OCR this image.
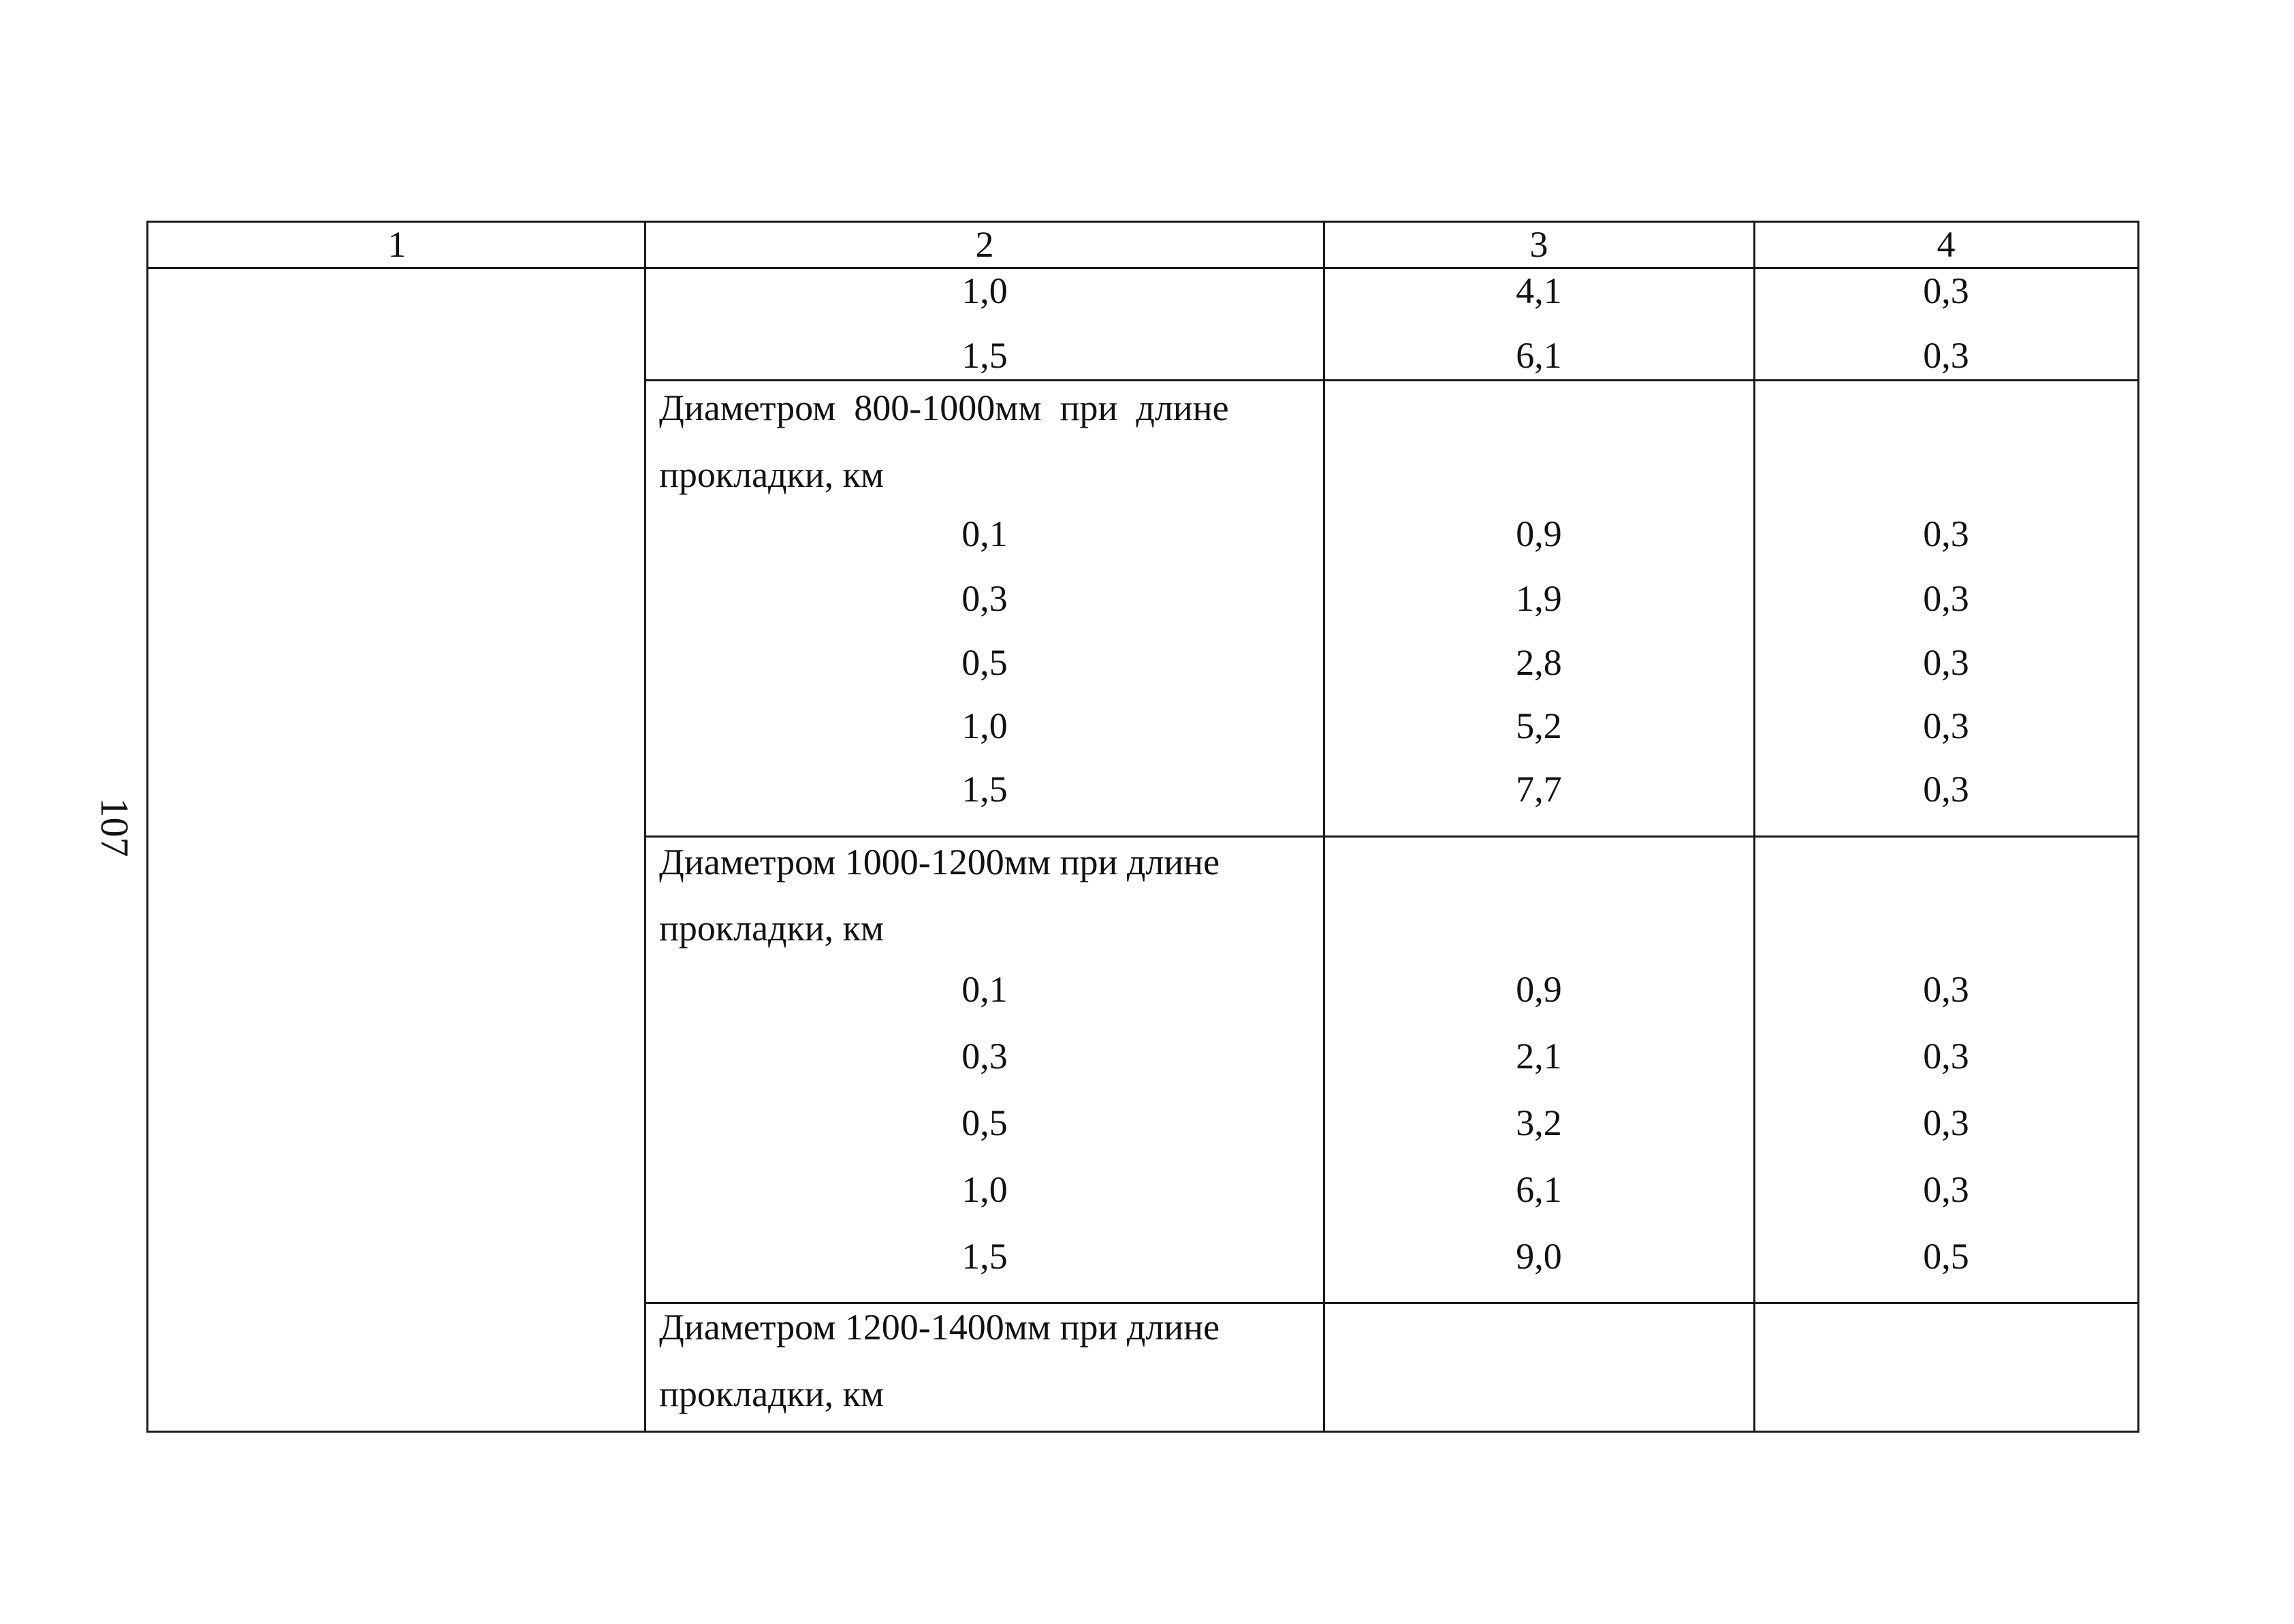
107
1	2	3	4
1,0	4,1	0,3
1,5	6,1	0,3
Диаметром  800-1000мм  при  длине
прокладки, км
0,1	0,9	0,3
0,3	1,9	0,3
0,5	2,8	0,3
1,0	5,2	0,3
1,5	7,7	0,3
Диаметром 1000-1200мм при длине
прокладки, км
0,1	0,9	0,3
0,3	2,1	0,3
0,5	3,2	0,3
1,0	6,1	0,3
1,5	9,0	0,5
Диаметром 1200-1400мм при длине
прокладки, км
